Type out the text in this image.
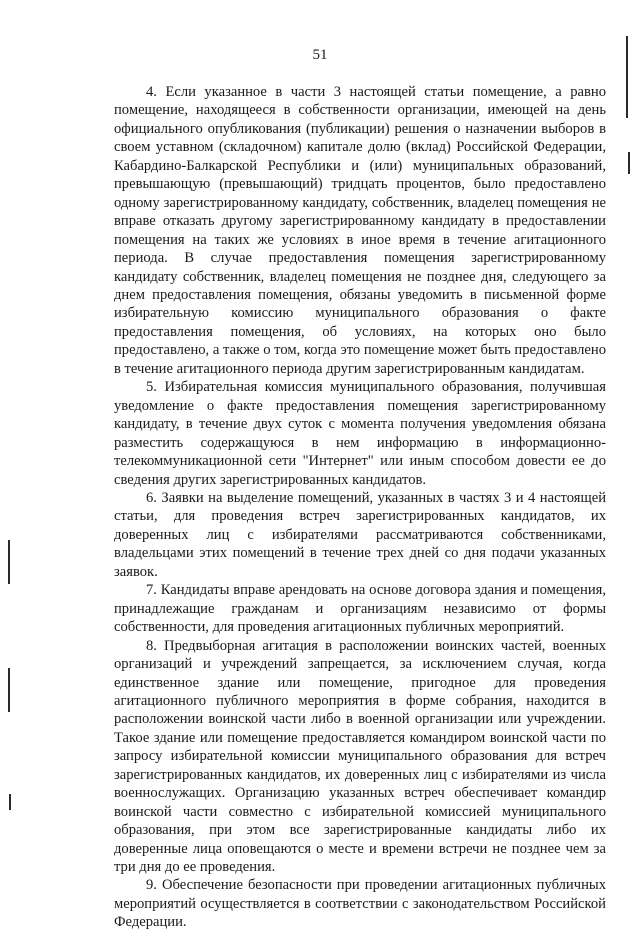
51

4. Если указанное в части 3 настоящей статьи помещение, а равно помещение, находящееся в собственности организации, имеющей на день официального опубликования (публикации) решения о назначении выборов в своем уставном (складочном) капитале долю (вклад) Российской Федерации, Кабардино-Балкарской Республики и (или) муниципальных образований, превышающую (превышающий) тридцать процентов, было предоставлено одному зарегистрированному кандидату, собственник, владелец помещения не вправе отказать другому зарегистрированному кандидату в предоставлении помещения на таких же условиях в иное время в течение агитационного периода. В случае предоставления помещения зарегистрированному кандидату собственник, владелец помещения не позднее дня, следующего за днем предоставления помещения, обязаны уведомить в письменной форме избирательную комиссию муниципального образования о факте предоставления помещения, об условиях, на которых оно было предоставлено, а также о том, когда это помещение может быть предоставлено в течение агитационного периода другим зарегистрированным кандидатам.

5. Избирательная комиссия муниципального образования, получившая уведомление о факте предоставления помещения зарегистрированному кандидату, в течение двух суток с момента получения уведомления обязана разместить содержащуюся в нем информацию в информационно-телекоммуникационной сети "Интернет" или иным способом довести ее до сведения других зарегистрированных кандидатов.

6. Заявки на выделение помещений, указанных в частях 3 и 4 настоящей статьи, для проведения встреч зарегистрированных кандидатов, их доверенных лиц с избирателями рассматриваются собственниками, владельцами этих помещений в течение трех дней со дня подачи указанных заявок.

7. Кандидаты вправе арендовать на основе договора здания и помещения, принадлежащие гражданам и организациям независимо от формы собственности, для проведения агитационных публичных мероприятий.

8. Предвыборная агитация в расположении воинских частей, военных организаций и учреждений запрещается, за исключением случая, когда единственное здание или помещение, пригодное для проведения агитационного публичного мероприятия в форме собрания, находится в расположении воинской части либо в военной организации или учреждении. Такое здание или помещение предоставляется командиром воинской части по запросу избирательной комиссии муниципального образования для встреч зарегистрированных кандидатов, их доверенных лиц с избирателями из числа военнослужащих. Организацию указанных встреч обеспечивает командир воинской части совместно с избирательной комиссией муниципального образования, при этом все зарегистрированные кандидаты либо их доверенные лица оповещаются о месте и времени встречи не позднее чем за три дня до ее проведения.

9. Обеспечение безопасности при проведении агитационных публичных мероприятий осуществляется в соответствии с законодательством Российской Федерации.
